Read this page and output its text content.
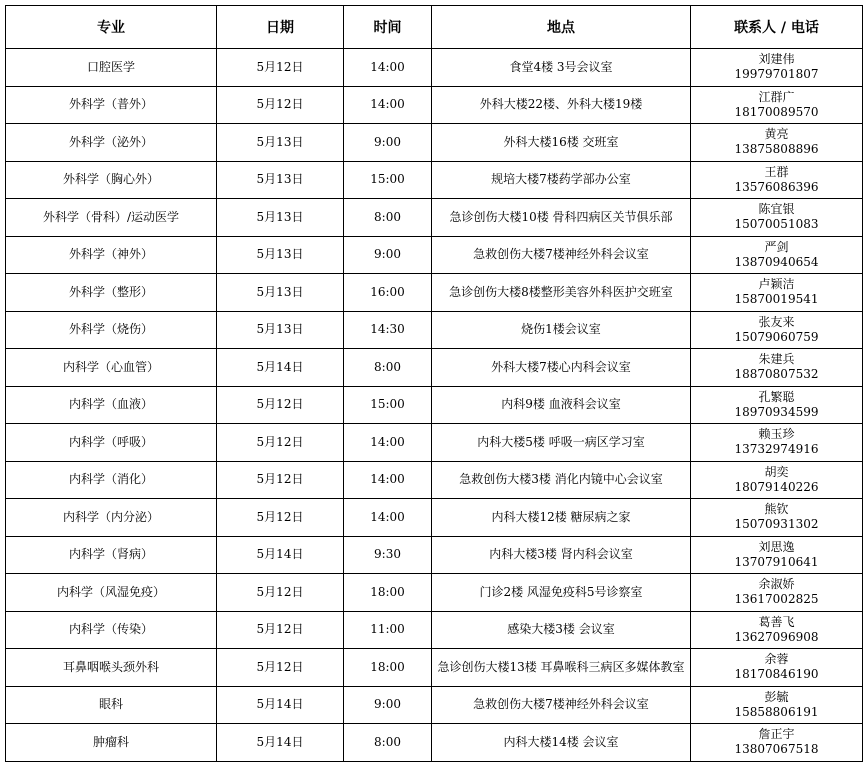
专业	日期	时间	地点	联系人 / 电话
口腔医学	5月12日	14:00	食堂4楼 3号会议室	刘建伟
19979701807

外科学（普外）	5月12日	14:00	外科大楼22楼、外科大楼19楼	江群广
18170089570

外科学（泌外）	5月13日	9:00	外科大楼16楼 交班室	黄亮
13875808896

外科学（胸心外）	5月13日	15:00	规培大楼7楼药学部办公室	王群
13576086396

外科学（骨科）/运动医学	5月13日	8:00	急诊创伤大楼10楼 骨科四病区关节俱乐部	陈宜银
15070051083

外科学（神外）	5月13日	9:00	急救创伤大楼7楼神经外科会议室	严剑
13870940654

外科学（整形）	5月13日	16:00	急诊创伤大楼8楼整形美容外科医护交班室	卢颖洁
15870019541

外科学（烧伤）	5月13日	14:30	烧伤1楼会议室	张友来
15079060759

内科学（心血管）	5月14日	8:00	外科大楼7楼心内科会议室	朱建兵
18870807532

内科学（血液）	5月12日	15:00	内科9楼 血液科会议室	孔繁聪
18970934599

内科学（呼吸）	5月12日	14:00	内科大楼5楼 呼吸一病区学习室	赖玉珍
13732974916

内科学（消化）	5月12日	14:00	急救创伤大楼3楼 消化内镜中心会议室	胡奕
18079140226

内科学（内分泌）	5月12日	14:00	内科大楼12楼 糖尿病之家	熊钦
15070931302

内科学（肾病）	5月14日	9:30	内科大楼3楼 肾内科会议室	刘思逸
13707910641

内科学（风湿免疫）	5月12日	18:00	门诊2楼 风湿免疫科5号诊察室	余淑娇
13617002825

内科学（传染）	5月12日	11:00	感染大楼3楼 会议室	葛善飞
13627096908

耳鼻咽喉头颈外科	5月12日	18:00	急诊创伤大楼13楼 耳鼻喉科三病区多媒体教室	余蓉
18170846190

眼科	5月14日	9:00	急救创伤大楼7楼神经外科会议室	彭毓
15858806191

肿瘤科	5月14日	8:00	内科大楼14楼 会议室	詹正宇
13807067518
